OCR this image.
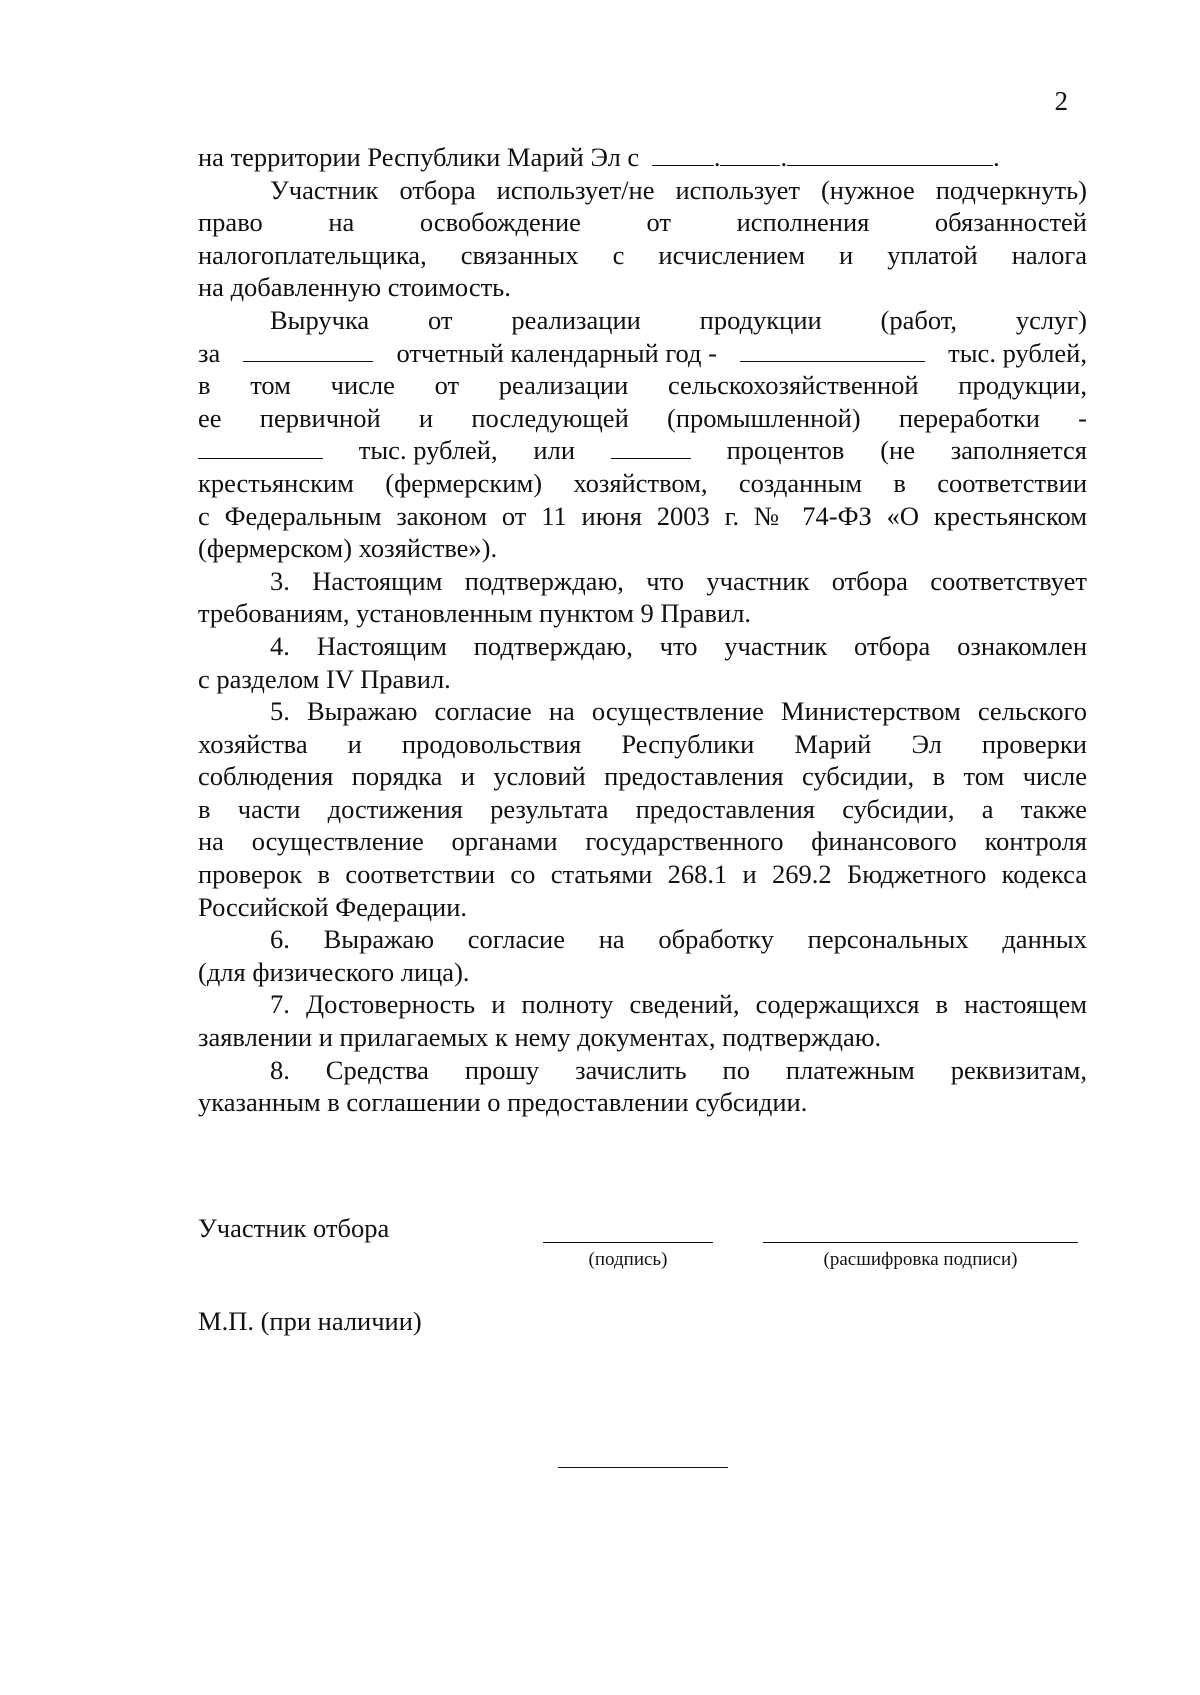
2
на территории Республики Марий Эл с	. .	.
Участник отбора использует/не использует (нужное подчеркнуть)
право на освобождение от исполнения обязанностей
налогоплательщика, связанных с исчислением и уплатой налога
на добавленную стоимость.
Выручка от реализации продукции (работ, услуг)
за	отчетный календарный год -	тыс. рублей,
в том числе от реализации сельскохозяйственной продукции,
ее первичной и последующей (промышленной) переработки -
тыс. рублей, или	процентов (не заполняется
крестьянским (фермерским) хозяйством, созданным в соответствии
с Федеральным законом от 11 июня 2003 г. № 74-ФЗ «О крестьянском
(фермерском) хозяйстве»).
3. Настоящим подтверждаю, что участник отбора соответствует
требованиям, установленным пунктом 9 Правил.
4. Настоящим подтверждаю, что участник отбора ознакомлен
с разделом IV Правил.
5. Выражаю согласие на осуществление Министерством сельского
хозяйства и продовольствия Республики Марий Эл проверки
соблюдения порядка и условий предоставления субсидии, в том числе
в части достижения результата предоставления субсидии, а также
на осуществление органами государственного финансового контроля
проверок в соответствии со статьями 268.1 и 269.2 Бюджетного кодекса
Российской Федерации.
6. Выражаю согласие на обработку персональных данных
(для физического лица).
7. Достоверность и полноту сведений, содержащихся в настоящем
заявлении и прилагаемых к нему документах, подтверждаю.
8. Средства прошу зачислить по платежным реквизитам,
указанным в соглашении о предоставлении субсидии.
Участник отбора
(подпись)	(расшифровка подписи)
М.П. (при наличии)
